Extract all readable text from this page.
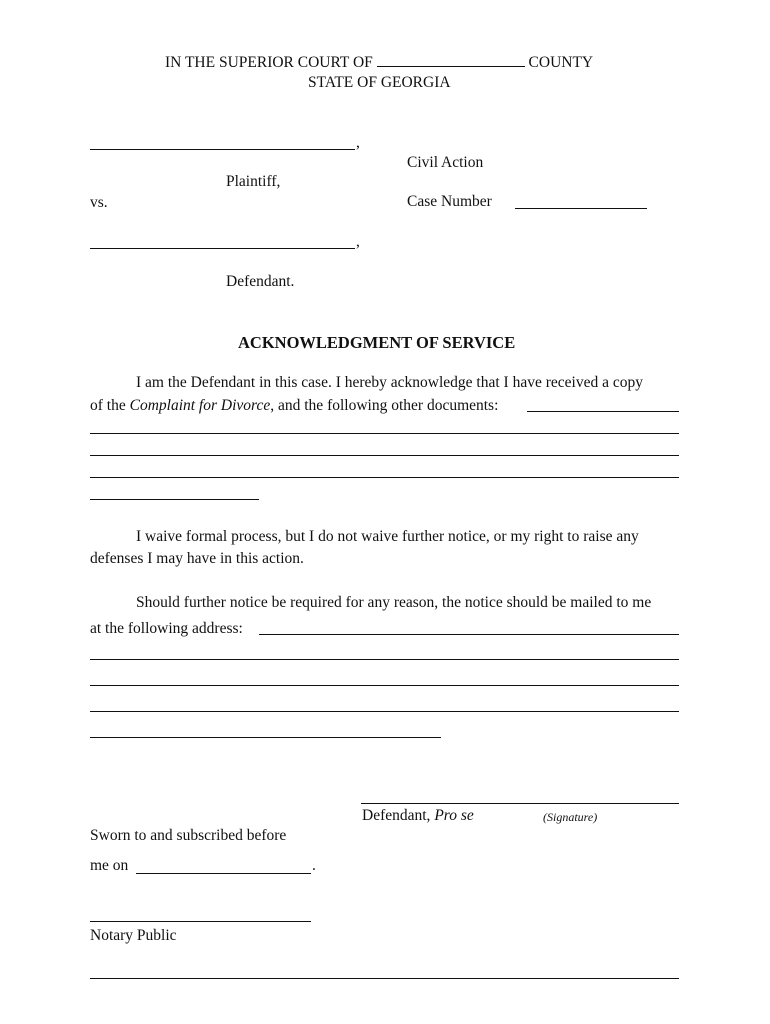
IN THE SUPERIOR COURT OF	COUNTY
STATE OF GEORGIA
,
Civil Action
Plaintiff,
vs.	Case Number
,
Defendant.
ACKNOWLEDGMENT OF SERVICE
I am the Defendant in this case. I hereby acknowledge that I have received a copy
of the Complaint for Divorce, and the following other documents:
I waive formal process, but I do not waive further notice, or my right to raise any
defenses I may have in this action.
Should further notice be required for any reason, the notice should be mailed to me
at the following address:
Defendant, Pro se	(Signature)
Sworn to and subscribed before
me on	.
Notary Public
